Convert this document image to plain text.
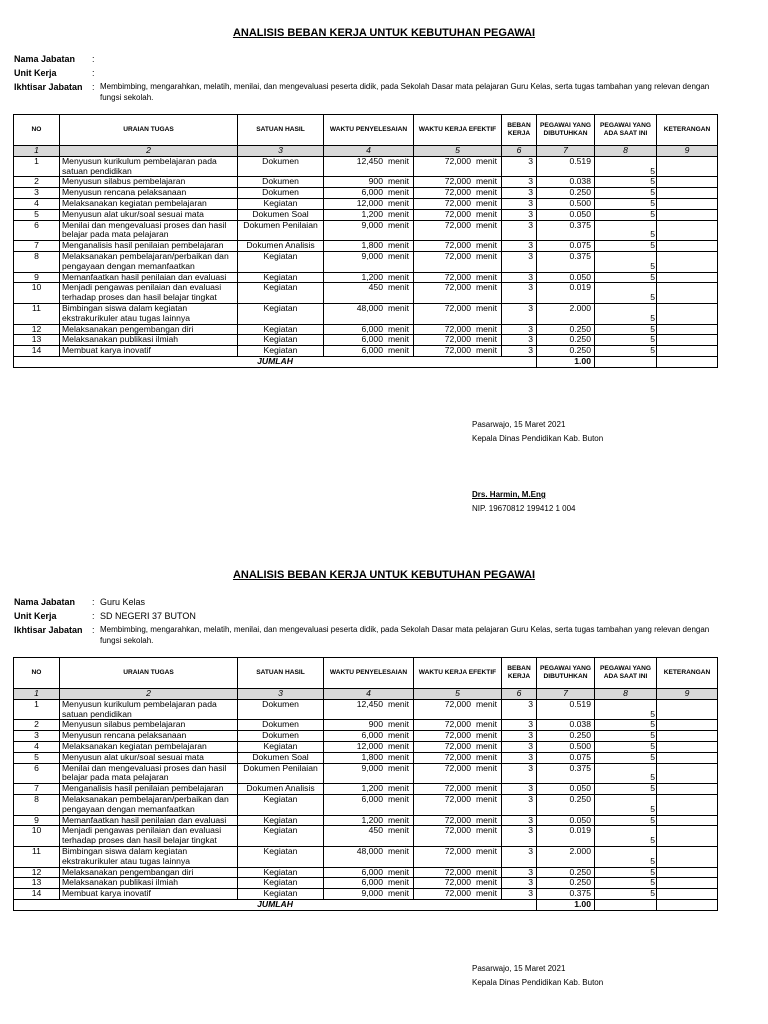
ANALISIS BEBAN KERJA UNTUK KEBUTUHAN PEGAWAI
Nama Jabatan :
Unit Kerja	:
Ikhtisar Jabatan : Membimbing, mengarahkan, melatih, menilai, dan mengevaluasi peserta didik, pada Sekolah Dasar mata pelajaran Guru Kelas, serta tugas tambahan yang relevan dengan fungsi sekolah.
NO	URAIAN TUGAS	SATUAN HASIL	WAKTU PENYELESAIAN	WAKTU KERJA EFEKTIF	BEBAN KERJA	PEGAWAI YANG DIBUTUHKAN	PEGAWAI YANG ADA SAAT INI	KETERANGAN
1	2	3	4	5	6	7	8	9
1	Menyusun kurikulum pembelajaran pada satuan pendidikan	Dokumen	12,450 menit	72,000 menit	3	0.519	5	
2	Menyusun silabus pembelajaran	Dokumen	900 menit	72,000 menit	3	0.038	5	
3	Menyusun rencana pelaksanaan	Dokumen	6,000 menit	72,000 menit	3	0.250	5	
4	Melaksanakan kegiatan pembelajaran	Kegiatan	12,000 menit	72,000 menit	3	0.500	5	
5	Menyusun alat ukur/soal sesuai mata	Dokumen Soal	1,200 menit	72,000 menit	3	0.050	5	
6	Menilai dan mengevaluasi proses dan hasil belajar pada mata pelajaran	Dokumen Penilaian	9,000 menit	72,000 menit	3	0.375	5	
7	Menganalisis hasil penilaian pembelajaran	Dokumen Analisis	1,800 menit	72,000 menit	3	0.075	5	
8	Melaksanakan pembelajaran/perbaikan dan pengayaan dengan memanfaatkan	Kegiatan	9,000 menit	72,000 menit	3	0.375	5	
9	Memanfaatkan hasil penilaian dan evaluasi	Kegiatan	1,200 menit	72,000 menit	3	0.050	5	
10	Menjadi pengawas penilaian dan evaluasi terhadap proses dan hasil belajar tingkat	Kegiatan	450 menit	72,000 menit	3	0.019	5	
11	Bimbingan siswa dalam kegiatan ekstrakurikuler atau tugas lainnya	Kegiatan	48,000 menit	72,000 menit	3	2.000	5	
12	Melaksanakan pengembangan diri	Kegiatan	6,000 menit	72,000 menit	3	0.250	5	
13	Melaksanakan publikasi ilmiah	Kegiatan	6,000 menit	72,000 menit	3	0.250	5	
14	Membuat karya inovatif	Kegiatan	6,000 menit	72,000 menit	3	0.250	5	
JUMLAH						1.00		
Pasarwajo, 15 Maret 2021
Kepala Dinas Pendidikan Kab. Buton
Drs. Harmin, M.Eng
NIP. 19670812 199412 1 004
ANALISIS BEBAN KERJA UNTUK KEBUTUHAN PEGAWAI
Nama Jabatan : Guru Kelas
Unit Kerja	: SD NEGERI 37 BUTON
Ikhtisar Jabatan : Membimbing, mengarahkan, melatih, menilai, dan mengevaluasi peserta didik, pada Sekolah Dasar mata pelajaran Guru Kelas, serta tugas tambahan yang relevan dengan fungsi sekolah.
NO	URAIAN TUGAS	SATUAN HASIL	WAKTU PENYELESAIAN	WAKTU KERJA EFEKTIF	BEBAN KERJA	PEGAWAI YANG DIBUTUHKAN	PEGAWAI YANG ADA SAAT INI	KETERANGAN
1	2	3	4	5	6	7	8	9
1	Menyusun kurikulum pembelajaran pada satuan pendidikan	Dokumen	12,450 menit	72,000 menit	3	0.519	5	
2	Menyusun silabus pembelajaran	Dokumen	900 menit	72,000 menit	3	0.038	5	
3	Menyusun rencana pelaksanaan	Dokumen	6,000 menit	72,000 menit	3	0.250	5	
4	Melaksanakan kegiatan pembelajaran	Kegiatan	12,000 menit	72,000 menit	3	0.500	5	
5	Menyusun alat ukur/soal sesuai mata	Dokumen Soal	1,800 menit	72,000 menit	3	0.075	5	
6	Menilai dan mengevaluasi proses dan hasil belajar pada mata pelajaran	Dokumen Penilaian	9,000 menit	72,000 menit	3	0.375	5	
7	Menganalisis hasil penilaian pembelajaran	Dokumen Analisis	1,200 menit	72,000 menit	3	0.050	5	
8	Melaksanakan pembelajaran/perbaikan dan pengayaan dengan memanfaatkan	Kegiatan	6,000 menit	72,000 menit	3	0.250	5	
9	Memanfaatkan hasil penilaian dan evaluasi	Kegiatan	1,200 menit	72,000 menit	3	0.050	5	
10	Menjadi pengawas penilaian dan evaluasi terhadap proses dan hasil belajar tingkat	Kegiatan	450 menit	72,000 menit	3	0.019	5	
11	Bimbingan siswa dalam kegiatan ekstrakurikuler atau tugas lainnya	Kegiatan	48,000 menit	72,000 menit	3	2.000	5	
12	Melaksanakan pengembangan diri	Kegiatan	6,000 menit	72,000 menit	3	0.250	5	
13	Melaksanakan publikasi ilmiah	Kegiatan	6,000 menit	72,000 menit	3	0.250	5	
14	Membuat karya inovatif	Kegiatan	9,000 menit	72,000 menit	3	0.375	5	
JUMLAH						1.00		
Pasarwajo, 15 Maret 2021
Kepala Dinas Pendidikan Kab. Buton
